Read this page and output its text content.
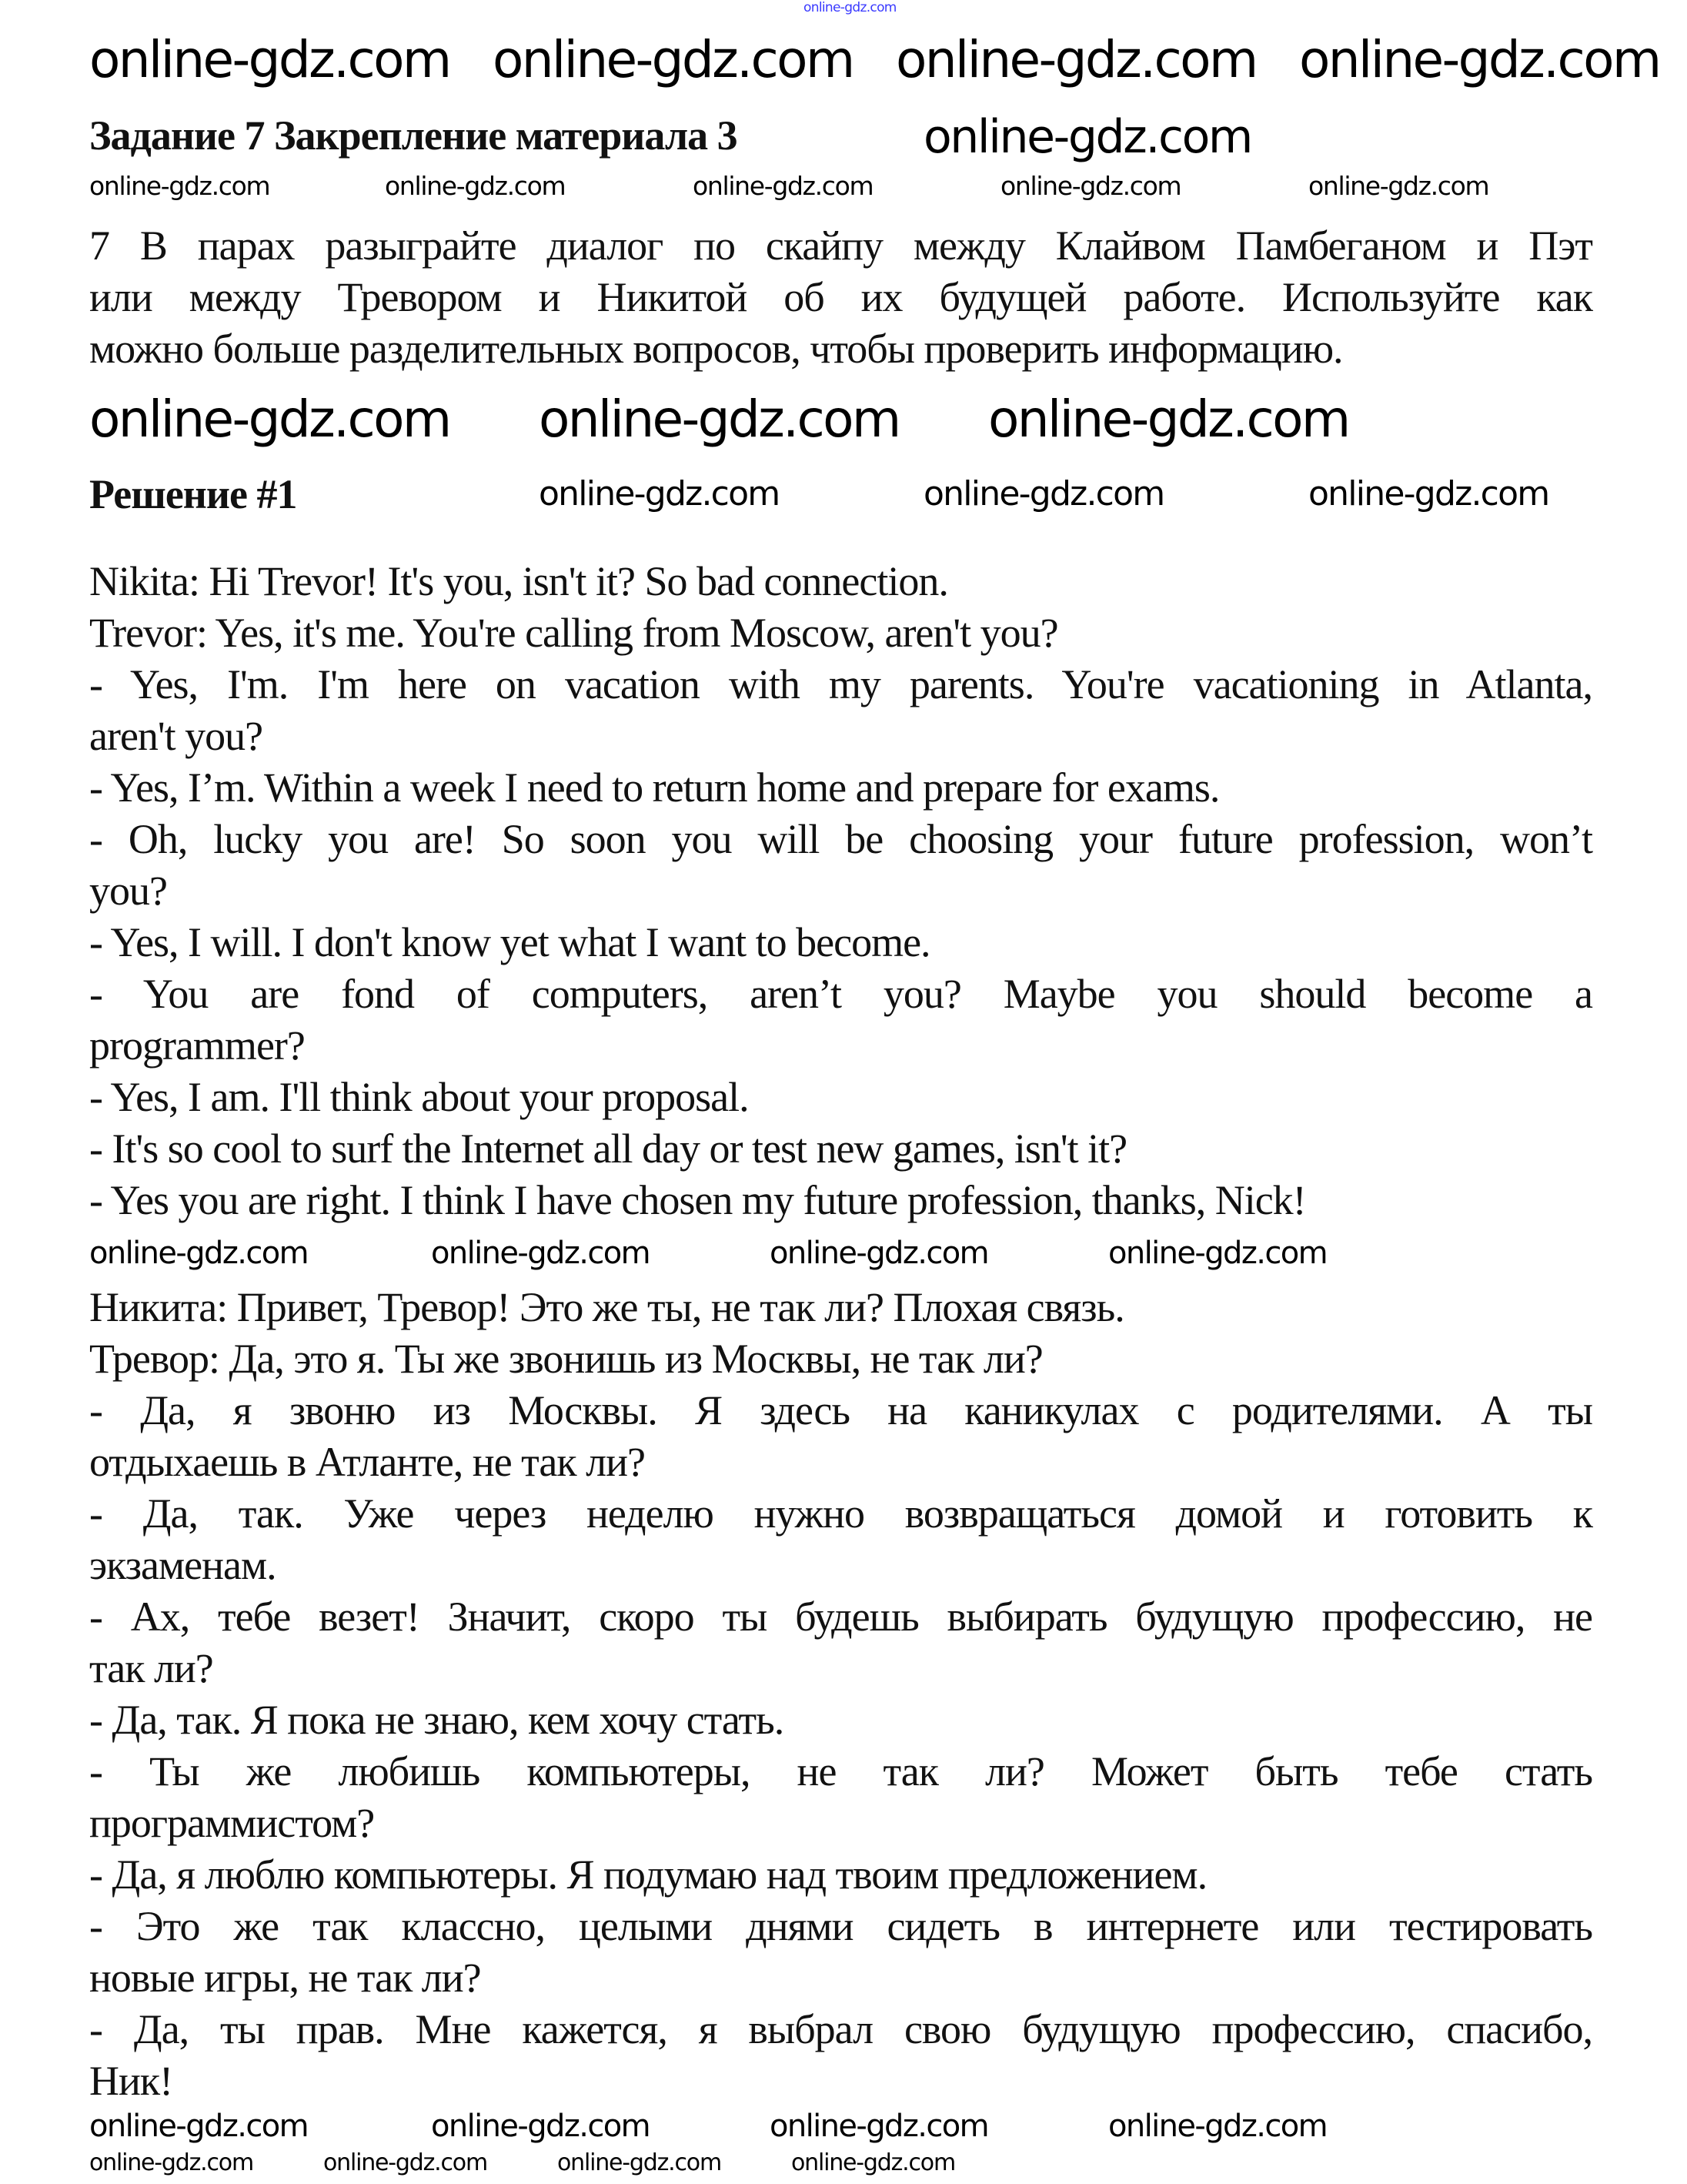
Задание 7 Закрепление материала 3
7 В парах разыграйте диалог по скайпу между Клайвом Памбеганом и Пэт
или между Тревором и Никитой об их будущей работе. Используйте как
можно больше разделительных вопросов, чтобы проверить информацию.
Решение #1
Nikita: Hi Trevor! It's you, isn't it? So bad connection.
Trevor: Yes, it's me. You're calling from Moscow, aren't you?
- Yes, I'm. I'm here on vacation with my parents. You're vacationing in Atlanta,
aren't you?
- Yes, I’m. Within a week I need to return home and prepare for exams.
- Oh, lucky you are! So soon you will be choosing your future profession, won’t
you?
- Yes, I will. I don't know yet what I want to become.
- You are fond of computers, aren’t you? Maybe you should become a
programmer?
- Yes, I am. I'll think about your proposal.
- It's so cool to surf the Internet all day or test new games, isn't it?
- Yes you are right. I think I have chosen my future profession, thanks, Nick!
Никита: Привет, Тревор! Это же ты, не так ли? Плохая связь.
Тревор: Да, это я. Ты же звонишь из Москвы, не так ли?
- Да, я звоню из Москвы. Я здесь на каникулах с родителями. А ты
отдыхаешь в Атланте, не так ли?
- Да, так. Уже через неделю нужно возвращаться домой и готовить к
экзаменам.
- Ах, тебе везет! Значит, скоро ты будешь выбирать будущую профессию, не
так ли?
- Да, так. Я пока не знаю, кем хочу стать.
- Ты же любишь компьютеры, не так ли? Может быть тебе стать
программистом?
- Да, я люблю компьютеры. Я подумаю над твоим предложением.
- Это же так классно, целыми днями сидеть в интернете или тестировать
новые игры, не так ли?
- Да, ты прав. Мне кажется, я выбрал свою будущую профессию, спасибо,
Ник!
online-gdz.com
online-gdz.com online-gdz.com online-gdz.com online-gdz.com
online-gdz.com
online-gdz.com	online-gdz.com	online-gdz.com	online-gdz.com	online-gdz.com
online-gdz.com online-gdz.com online-gdz.com
online-gdz.com	online-gdz.com	online-gdz.com
online-gdz.com	online-gdz.com	online-gdz.com	online-gdz.com
online-gdz.com	online-gdz.com	online-gdz.com	online-gdz.com
online-gdz.com	online-gdz.com	online-gdz.com	online-gdz.com
